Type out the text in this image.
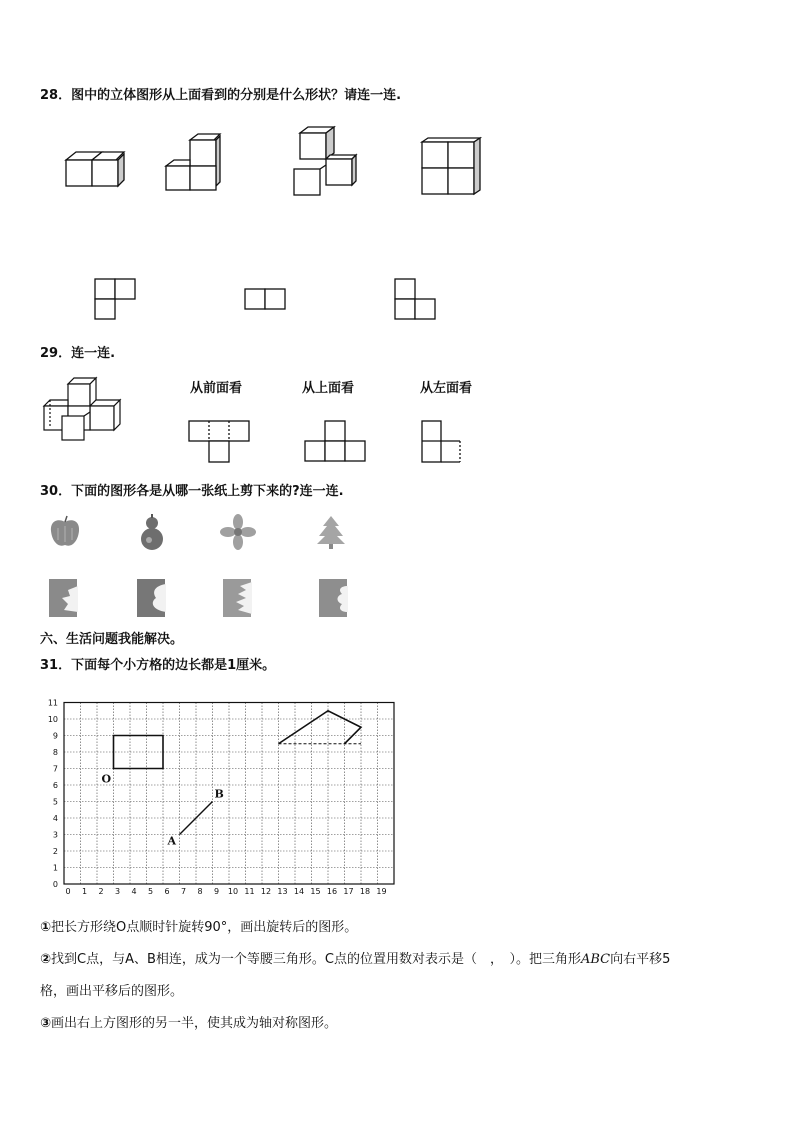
28．图中的立体图形从上面看到的分别是什么形状？请连一连.
29．连一连.
从前面看	从上面看	从左面看
30．下面的图形各是从哪一张纸上剪下来的?连一连.
六、生活问题我能解决。
31．下面每个小方格的边长都是1厘米。
0 1 2 3 4 5 6 7 8 9 10 11 12 13 14 15 16 17 18 19
0
1
2
3
4
5
6
7
8
9
10
11
O
A
B
①把长方形绕O点顺时针旋转90°，画出旋转后的图形。
②找到C点，与A、B相连，成为一个等腰三角形。C点的位置用数对表示是（　，　）。把三角形ABC向右平移5
格，画出平移后的图形。
③画出右上方图形的另一半，使其成为轴对称图形。
